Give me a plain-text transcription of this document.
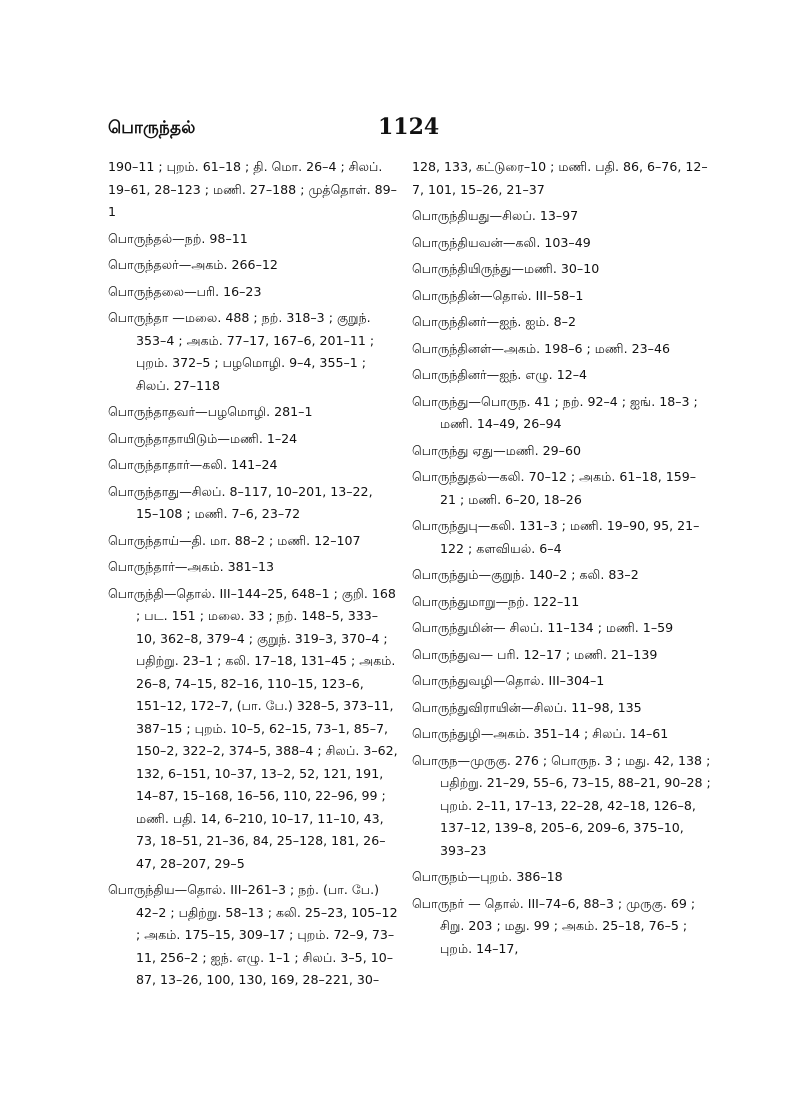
பொருந்தல்	1124
190–11 ; புறம். 61–18 ; தி. மொ. 26–4 ; சிலப். 19–61, 28–123 ; மணி. 27–188 ; முத்தொள். 89–1
பொருந்தல்—நற். 98–11
பொருந்தலர்—அகம். 266–12
பொருந்தலை—பரி. 16–23
பொருந்தா —மலை. 488 ; நற். 318–3 ; குறுந். 353–4 ; அகம். 77–17, 167–6, 201–11 ; புறம். 372–5 ; பழமொழி. 9–4, 355–1 ; சிலப். 27–118
பொருந்தாதவர்—பழமொழி. 281–1
பொருந்தாதாயிடும்—மணி. 1–24
பொருந்தாதார்—கலி. 141–24
பொருந்தாது—சிலப். 8–117, 10–201, 13–22, 15–108 ; மணி. 7–6, 23–72
பொருந்தாய்—தி. மா. 88–2 ; மணி. 12–107
பொருந்தார்—அகம். 381–13
பொருந்தி—தொல். III–144–25, 648–1 ; குறி. 168 ; பட. 151 ; மலை. 33 ; நற். 148–5, 333–10, 362–8, 379–4 ; குறுந். 319–3, 370–4 ; பதிற்று. 23–1 ; கலி. 17–18, 131–45 ; அகம். 26–8, 74–15, 82–16, 110–15, 123–6, 151–12, 172–7, (பா. பே.) 328–5, 373–11, 387–15 ; புறம். 10–5, 62–15, 73–1, 85–7, 150–2, 322–2, 374–5, 388–4 ; சிலப். 3–62, 132, 6–151, 10–37, 13–2, 52, 121, 191, 14–87, 15–168, 16–56, 110, 22–96, 99 ; மணி. பதி. 14, 6–210, 10–17, 11–10, 43, 73, 18–51, 21–36, 84, 25–128, 181, 26–47, 28–207, 29–5
பொருந்திய—தொல். III–261–3 ; நற். (பா. பே.) 42–2 ; பதிற்று. 58–13 ; கலி. 25–23, 105–12 ; அகம். 175–15, 309–17 ; புறம். 72–9, 73–11, 256–2 ; ஐந். எழு. 1–1 ; சிலப். 3–5, 10–87, 13–26, 100, 130, 169, 28–221, 30–
128, 133, கட்டுரை–10 ; மணி. பதி. 86, 6–76, 12–7, 101, 15–26, 21–37
பொருந்தியது—சிலப். 13–97
பொருந்தியவன்—கலி. 103–49
பொருந்தியிருந்து—மணி. 30–10
பொருந்தின்—தொல். III–58–1
பொருந்தினர்—ஐந். ஐம். 8–2
பொருந்தினள்—அகம். 198–6 ; மணி. 23–46
பொருந்தினர்—ஐந். எழு. 12–4
பொருந்து—பொருந. 41 ; நற். 92–4 ; ஐங். 18–3 ; மணி. 14–49, 26–94
பொருந்து ஏது—மணி. 29–60
பொருந்துதல்—கலி. 70–12 ; அகம். 61–18, 159–21 ; மணி. 6–20, 18–26
பொருந்துபு—கலி. 131–3 ; மணி. 19–90, 95, 21–122 ; களவியல். 6–4
பொருந்தும்—குறுந். 140–2 ; கலி. 83–2
பொருந்துமாறு—நற். 122–11
பொருந்துமின்— சிலப். 11–134 ; மணி. 1–59
பொருந்துவ— பரி. 12–17 ; மணி. 21–139
பொருந்துவழி—தொல். III–304–1
பொருந்துவிராயின்—சிலப். 11–98, 135
பொருந்துழி—அகம். 351–14 ; சிலப். 14–61
பொருந—முருகு. 276 ; பொருந. 3 ; மது. 42, 138 ; பதிற்று. 21–29, 55–6, 73–15, 88–21, 90–28 ; புறம். 2–11, 17–13, 22–28, 42–18, 126–8, 137–12, 139–8, 205–6, 209–6, 375–10, 393–23
பொருநம்—புறம். 386–18
பொருநர் — தொல். III–74–6, 88–3 ; முருகு. 69 ; சிறு. 203 ; மது. 99 ; அகம். 25–18, 76–5 ; புறம். 14–17,
